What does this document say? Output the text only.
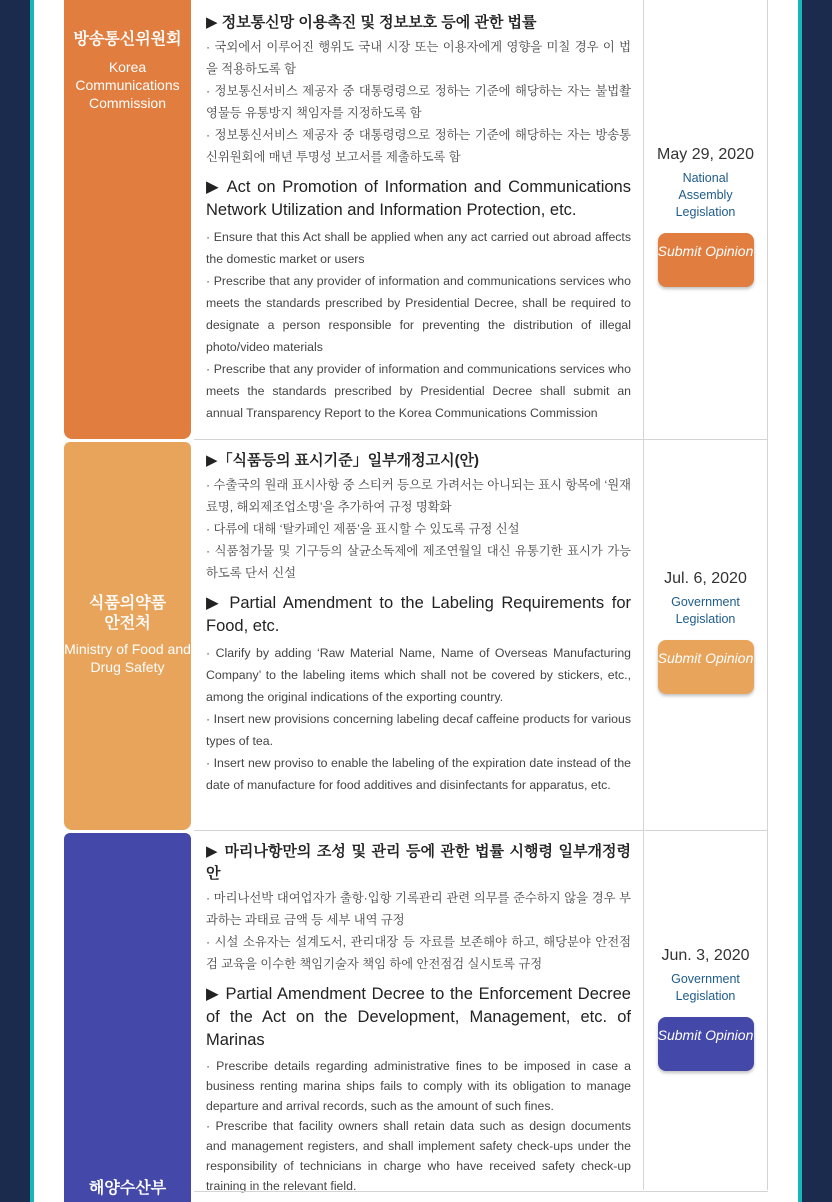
방송통신위원회
Korea Communications Commission

▶ 정보통신망 이용촉진 및 정보보호 등에 관한 법률

· 국외에서 이루어진 행위도 국내 시장 또는 이용자에게 영향을 미칠 경우 이 법을 적용하도록 함

· 정보통신서비스 제공자 중 대통령령으로 정하는 기준에 해당하는 자는 불법촬영물등 유통방지 책임자를 지정하도록 함

· 정보통신서비스 제공자 중 대통령령으로 정하는 기준에 해당하는 자는 방송통신위원회에 매년 투명성 보고서를 제출하도록 함

▶ Act on Promotion of Information and Communications Network Utilization and Information Protection, etc.

· Ensure that this Act shall be applied when any act carried out abroad affects the domestic market or users

· Prescribe that any provider of information and communications services who meets the standards prescribed by Presidential Decree, shall be required to designate a person responsible for preventing the distribution of illegal photo/video materials

· Prescribe that any provider of information and communications services who meets the standards prescribed by Presidential Decree shall submit an annual Transparency Report to the Korea Communications Commission

May 29, 2020
National Assembly Legislation
Submit Opinion
식품의약품 안전처
Ministry of Food and Drug Safety

▶「식품등의 표시기준」일부개정고시(안)

· 수출국의 원래 표시사항 중 스티커 등으로 가려서는 아니되는 표시 항목에 ‘원재료명, 해외제조업소명’을 추가하여 규정 명확화

· 다류에 대해 ‘탈카페인 제품’을 표시할 수 있도록 규정 신설

· 식품첨가물 및 기구등의 살균소독제에 제조연월일 대신 유통기한 표시가 가능하도록 단서 신설

▶ Partial Amendment to the Labeling Requirements for Food, etc.

· Clarify by adding ‘Raw Material Name, Name of Overseas Manufacturing Company’ to the labeling items which shall not be covered by stickers, etc., among the original indications of the exporting country.

· Insert new provisions concerning labeling decaf caffeine products for various types of tea.

· Insert new proviso to enable the labeling of the expiration date instead of the date of manufacture for food additives and disinfectants for apparatus, etc.

Jul. 6, 2020
Government Legislation
Submit Opinion
해양수산부

▶ 마리나항만의 조성 및 관리 등에 관한 법률 시행령 일부개정령안

· 마리나선박 대여업자가 출항·입항 기록관리 관련 의무를 준수하지 않을 경우 부과하는 과태료 금액 등 세부 내역 규정

· 시설 소유자는 설계도서, 관리대장 등 자료를 보존해야 하고, 해당분야 안전점검 교육을 이수한 책임기술자 책임 하에 안전점검 실시토록 규정

▶ Partial Amendment Decree to the Enforcement Decree of the Act on the Development, Management, etc. of Marinas

· Prescribe details regarding administrative fines to be imposed in case a business renting marina ships fails to comply with its obligation to manage departure and arrival records, such as the amount of such fines.

· Prescribe that facility owners shall retain data such as design documents and management registers, and shall implement safety check-ups under the responsibility of technicians in charge who have received safety check-up training in the relevant field.

Jun. 3, 2020
Government Legislation
Submit Opinion
